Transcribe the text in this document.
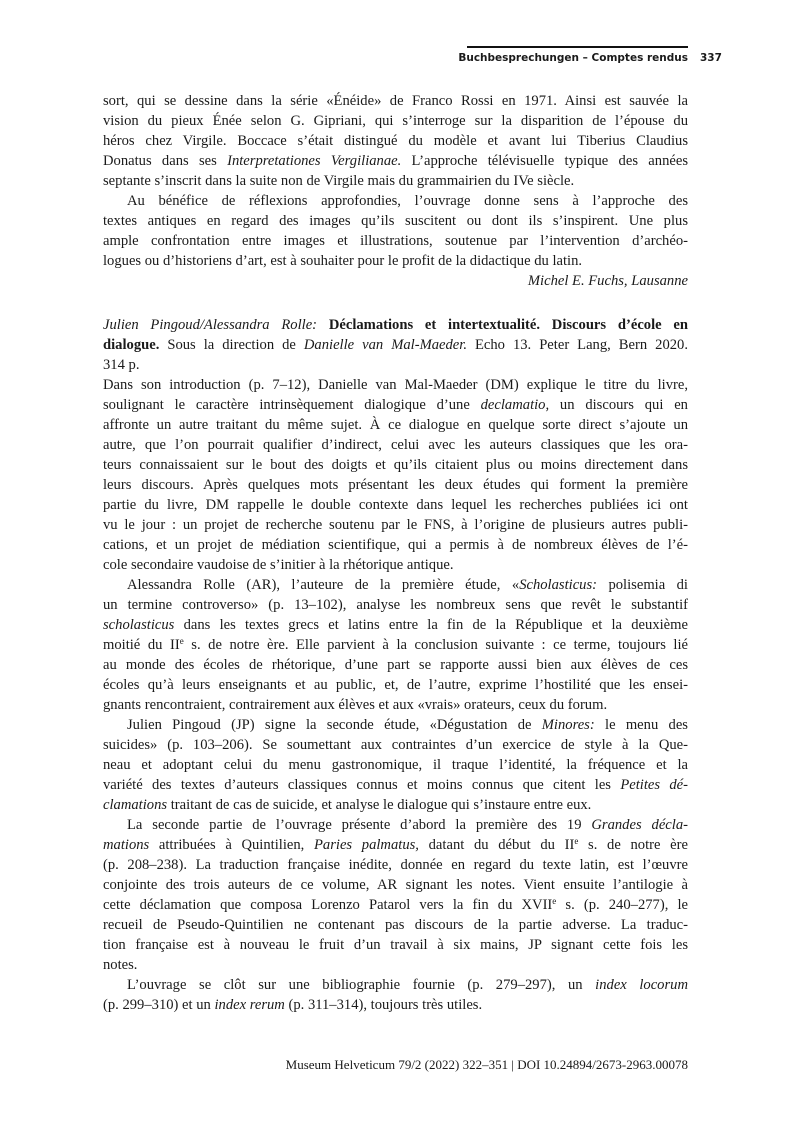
Buchbesprechungen – Comptes rendus 337
sort, qui se dessine dans la série «Énéide» de Franco Rossi en 1971. Ainsi est sauvée la
vision du pieux Énée selon G. Gipriani, qui s’interroge sur la disparition de l’épouse du
héros chez Virgile. Boccace s’était distingué du modèle et avant lui Tiberius Claudius
Donatus dans ses Interpretationes Vergilianae. L’approche télévisuelle typique des années
septante s’inscrit dans la suite non de Virgile mais du grammairien du IVe siècle.
Au bénéfice de réflexions approfondies, l’ouvrage donne sens à l’approche des
textes antiques en regard des images qu’ils suscitent ou dont ils s’inspirent. Une plus
ample confrontation entre images et illustrations, soutenue par l’intervention d’archéo-
logues ou d’historiens d’art, est à souhaiter pour le profit de la didactique du latin.
Michel E. Fuchs, Lausanne
Julien Pingoud/Alessandra Rolle: Déclamations et intertextualité. Discours d’école en
dialogue. Sous la direction de Danielle van Mal-Maeder. Echo 13. Peter Lang, Bern 2020.
314 p.
Dans son introduction (p. 7–12), Danielle van Mal-Maeder (DM) explique le titre du livre,
soulignant le caractère intrinsèquement dialogique d’une declamatio, un discours qui en
affronte un autre traitant du même sujet. À ce dialogue en quelque sorte direct s’ajoute un
autre, que l’on pourrait qualifier d’indirect, celui avec les auteurs classiques que les ora-
teurs connaissaient sur le bout des doigts et qu’ils citaient plus ou moins directement dans
leurs discours. Après quelques mots présentant les deux études qui forment la première
partie du livre, DM rappelle le double contexte dans lequel les recherches publiées ici ont
vu le jour : un projet de recherche soutenu par le FNS, à l’origine de plusieurs autres publi-
cations, et un projet de médiation scientifique, qui a permis à de nombreux élèves de l’é-
cole secondaire vaudoise de s’initier à la rhétorique antique.
Alessandra Rolle (AR), l’auteure de la première étude, «Scholasticus: polisemia di
un termine controverso» (p. 13–102), analyse les nombreux sens que revêt le substantif
scholasticus dans les textes grecs et latins entre la fin de la République et la deuxième
moitié du IIe s. de notre ère. Elle parvient à la conclusion suivante : ce terme, toujours lié
au monde des écoles de rhétorique, d’une part se rapporte aussi bien aux élèves de ces
écoles qu’à leurs enseignants et au public, et, de l’autre, exprime l’hostilité que les ensei-
gnants rencontraient, contrairement aux élèves et aux «vrais» orateurs, ceux du forum.
Julien Pingoud (JP) signe la seconde étude, «Dégustation de Minores: le menu des
suicides» (p. 103–206). Se soumettant aux contraintes d’un exercice de style à la Que-
neau et adoptant celui du menu gastronomique, il traque l’identité, la fréquence et la
variété des textes d’auteurs classiques connus et moins connus que citent les Petites dé-
clamations traitant de cas de suicide, et analyse le dialogue qui s’instaure entre eux.
La seconde partie de l’ouvrage présente d’abord la première des 19 Grandes décla-
mations attribuées à Quintilien, Paries palmatus, datant du début du IIe s. de notre ère
(p. 208–238). La traduction française inédite, donnée en regard du texte latin, est l’œuvre
conjointe des trois auteurs de ce volume, AR signant les notes. Vient ensuite l’antilogie à
cette déclamation que composa Lorenzo Patarol vers la fin du XVIIe s. (p. 240–277), le
recueil de Pseudo-Quintilien ne contenant pas discours de la partie adverse. La traduc-
tion française est à nouveau le fruit d’un travail à six mains, JP signant cette fois les
notes.
L’ouvrage se clôt sur une bibliographie fournie (p. 279–297), un index locorum
(p. 299–310) et un index rerum (p. 311–314), toujours très utiles.
Museum Helveticum 79/2 (2022) 322–351 | DOI 10.24894/2673-2963.00078
